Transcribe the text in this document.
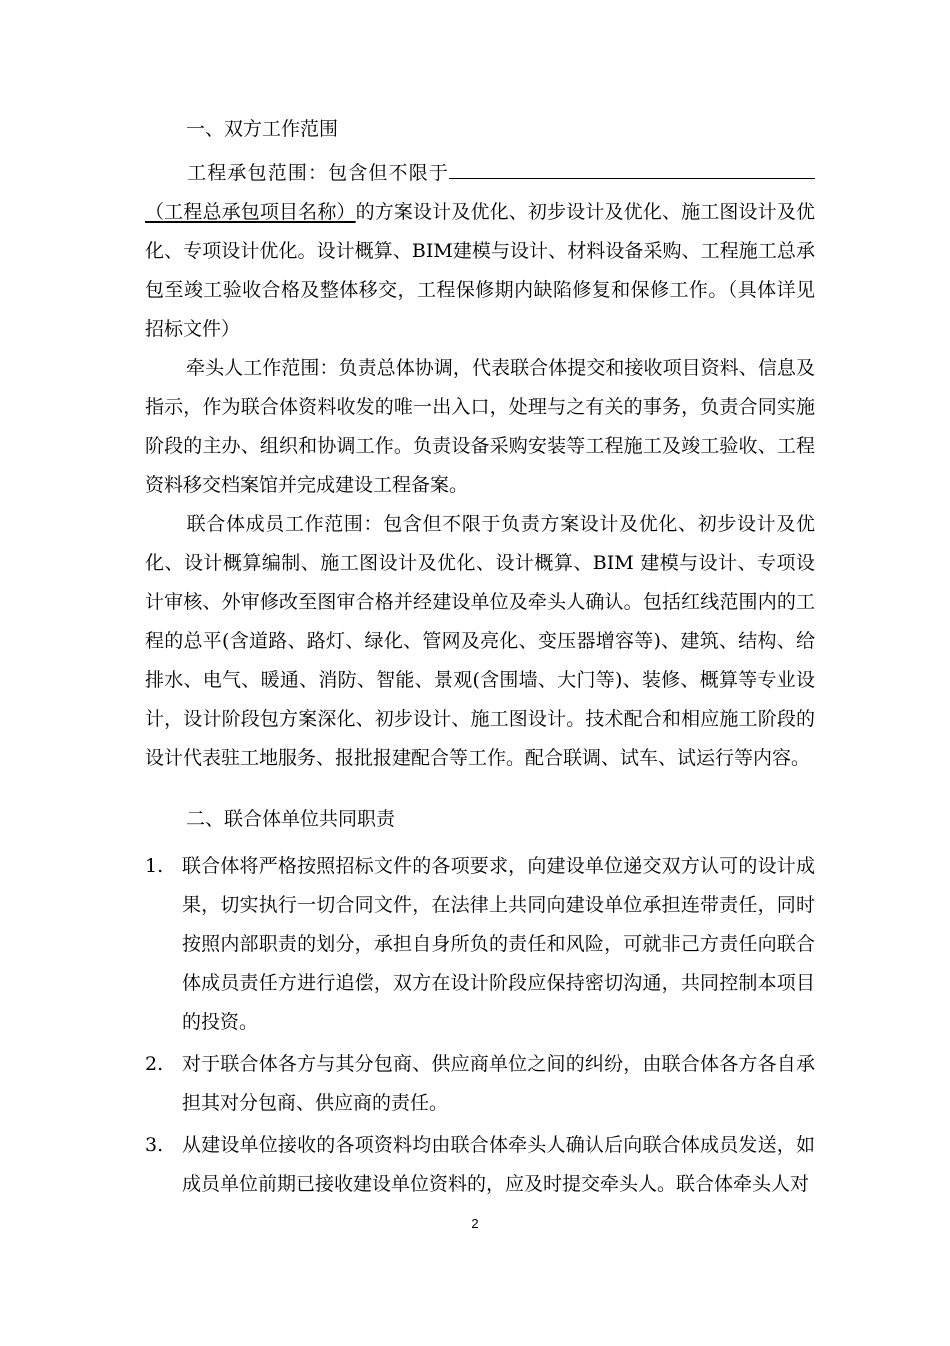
一、双方工作范围
工程承包范围：包含但不限于（工程总承包项目名称）的方案设计及优化、初步设计及优化、施工图设计及优化、专项设计优化。设计概算、BIM建模与设计、材料设备采购、工程施工总承包至竣工验收合格及整体移交，工程保修期内缺陷修复和保修工作。（具体详见招标文件）
牵头人工作范围：负责总体协调，代表联合体提交和接收项目资料、信息及指示，作为联合体资料收发的唯一出入口，处理与之有关的事务，负责合同实施阶段的主办、组织和协调工作。负责设备采购安装等工程施工及竣工验收、工程资料移交档案馆并完成建设工程备案。
联合体成员工作范围：包含但不限于负责方案设计及优化、初步设计及优化、设计概算编制、施工图设计及优化、设计概算、BIM 建模与设计、专项设计审核、外审修改至图审合格并经建设单位及牵头人确认。包括红线范围内的工程的总平(含道路、路灯、绿化、管网及亮化、变压器增容等)、建筑、结构、给排水、电气、暖通、消防、智能、景观(含围墙、大门等)、装修、概算等专业设计，设计阶段包方案深化、初步设计、施工图设计。技术配合和相应施工阶段的设计代表驻工地服务、报批报建配合等工作。配合联调、试车、试运行等内容。
二、联合体单位共同职责
1. 联合体将严格按照招标文件的各项要求，向建设单位递交双方认可的设计成果，切实执行一切合同文件，在法律上共同向建设单位承担连带责任，同时按照内部职责的划分，承担自身所负的责任和风险，可就非己方责任向联合体成员责任方进行追偿，双方在设计阶段应保持密切沟通，共同控制本项目的投资。
2. 对于联合体各方与其分包商、供应商单位之间的纠纷，由联合体各方各自承担其对分包商、供应商的责任。
3. 从建设单位接收的各项资料均由联合体牵头人确认后向联合体成员发送，如成员单位前期已接收建设单位资料的，应及时提交牵头人。联合体牵头人对
2
